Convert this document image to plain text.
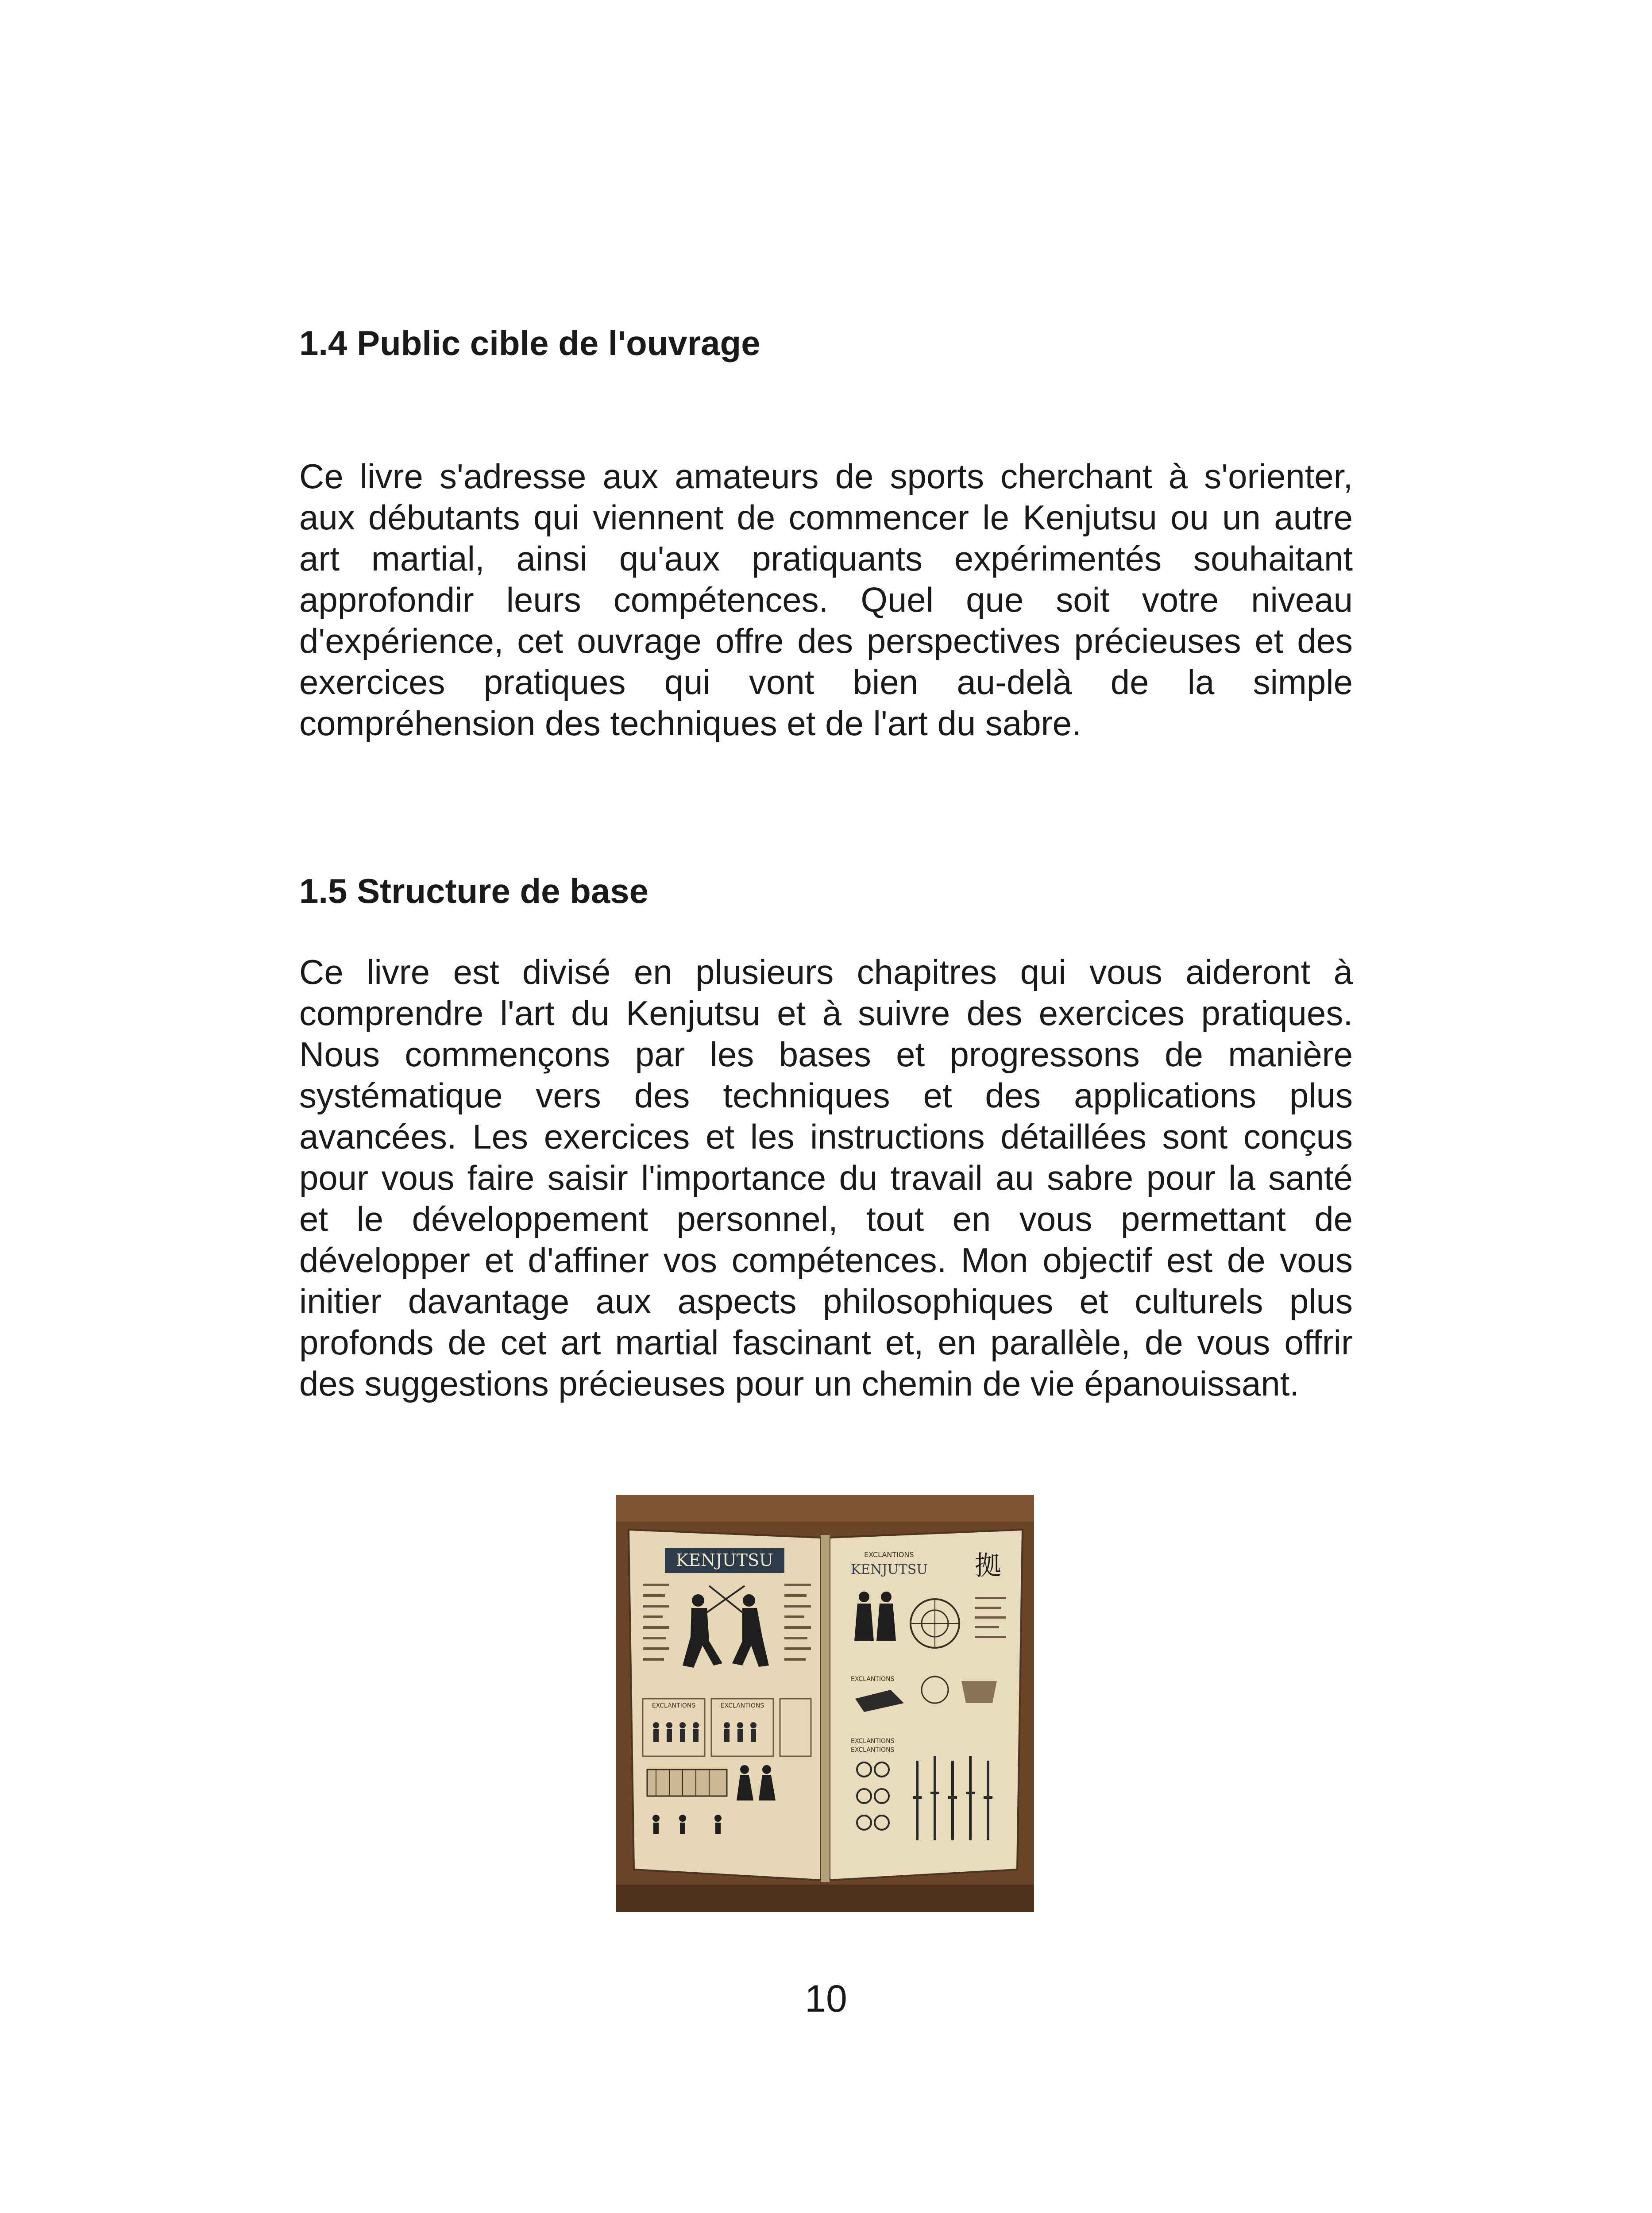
1.4 Public cible de l'ouvrage

Ce livre s'adresse aux amateurs de sports cherchant à s'orienter, aux débutants qui viennent de commencer le Kenjutsu ou un autre art martial, ainsi qu'aux pratiquants expérimentés souhaitant approfondir leurs compétences. Quel que soit votre niveau d'expérience, cet ouvrage offre des perspectives précieuses et des exercices pratiques qui vont bien au-delà de la simple compréhension des techniques et de l'art du sabre.

1.5 Structure de base

Ce livre est divisé en plusieurs chapitres qui vous aideront à comprendre l'art du Kenjutsu et à suivre des exercices pratiques. Nous commençons par les bases et progressons de manière systématique vers des techniques et des applications plus avancées. Les exercices et les instructions détaillées sont conçus pour vous faire saisir l'importance du travail au sabre pour la santé et le développement personnel, tout en vous permettant de développer et d'affiner vos compétences. Mon objectif est de vous initier davantage aux aspects philosophiques et culturels plus profonds de cet art martial fascinant et, en parallèle, de vous offrir des suggestions précieuses pour un chemin de vie épanouissant.

KENJUTSU
EXCLANTIONS	EXCLANTIONS
EXCLANTIONS
KENJUTSU 拠
EXCLANTIONS
EXCLANTIONS
EXCLANTIONS
10
